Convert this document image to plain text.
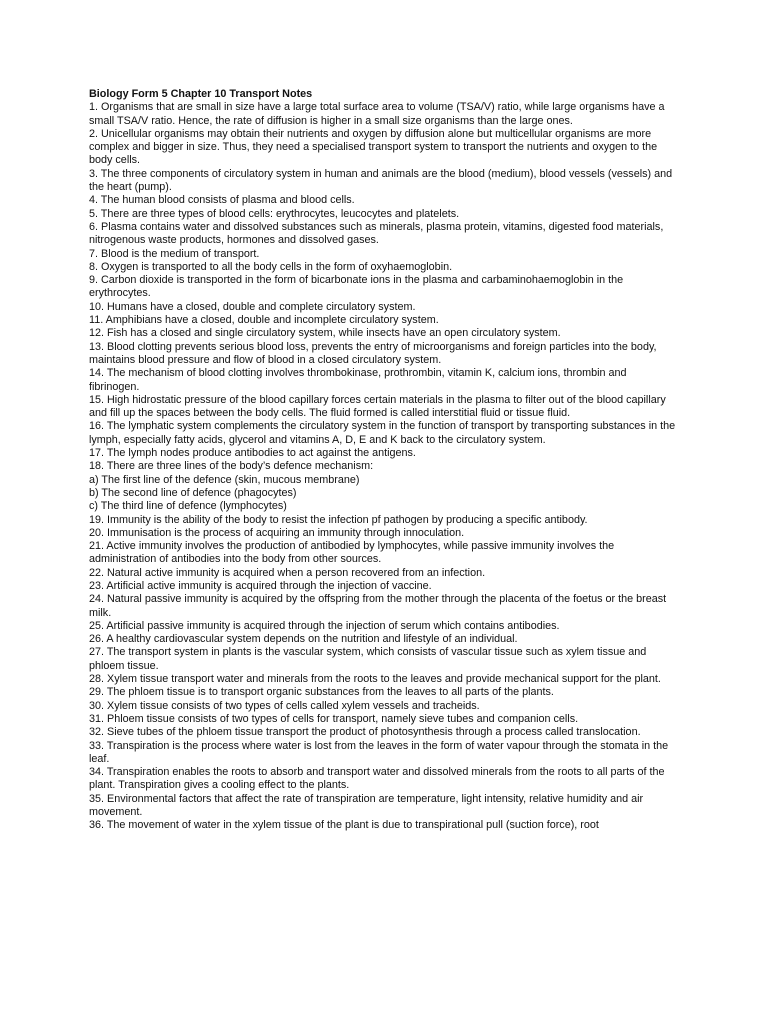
Biology Form 5 Chapter 10 Transport Notes

1. Organisms that are small in size have a large total surface area to volume (TSA/V) ratio, while large organisms have a small TSA/V ratio. Hence, the rate of diffusion is higher in a small size organisms than the large ones.

2. Unicellular organisms may obtain their nutrients and oxygen by diffusion alone but multicellular organisms are more complex and bigger in size. Thus, they need a specialised transport system to transport the nutrients and oxygen to the body cells.

3. The three components of circulatory system in human and animals are the blood (medium), blood vessels (vessels) and the heart (pump).

4. The human blood consists of plasma and blood cells.

5. There are three types of blood cells: erythrocytes, leucocytes and platelets.

6. Plasma contains water and dissolved substances such as minerals, plasma protein, vitamins, digested food materials, nitrogenous waste products, hormones and dissolved gases.

7. Blood is the medium of transport.

8. Oxygen is transported to all the body cells in the form of oxyhaemoglobin.

9. Carbon dioxide is transported in the form of bicarbonate ions in the plasma and carbaminohaemoglobin in the erythrocytes.

10. Humans have a closed, double and complete circulatory system.

11. Amphibians have a closed, double and incomplete circulatory system.

12. Fish has a closed and single circulatory system, while insects have an open circulatory system.

13. Blood clotting prevents serious blood loss, prevents the entry of microorganisms and foreign particles into the body, maintains blood pressure and flow of blood in a closed circulatory system.

14. The mechanism of blood clotting involves thrombokinase, prothrombin, vitamin K, calcium ions, thrombin and fibrinogen.

15. High hidrostatic pressure of the blood capillary forces certain materials in the plasma to filter out of the blood capillary and fill up the spaces between the body cells. The fluid formed is called interstitial fluid or tissue fluid.

16. The lymphatic system complements the circulatory system in the function of transport by transporting substances in the lymph, especially fatty acids, glycerol and vitamins A, D, E and K back to the circulatory system.

17. The lymph nodes produce antibodies to act against the antigens.

18. There are three lines of the body’s defence mechanism:

a) The first line of the defence (skin, mucous membrane)

b) The second line of defence (phagocytes)

c) The third line of defence (lymphocytes)

19. Immunity is the ability of the body to resist the infection pf pathogen by producing a specific antibody.

20. Immunisation is the process of acquiring an immunity through innoculation.

21. Active immunity involves the production of antibodied by lymphocytes, while passive immunity involves the administration of antibodies into the body from other sources.

22. Natural active immunity is acquired when a person recovered from an infection.

23. Artificial active immunity is acquired through the injection of vaccine.

24. Natural passive immunity is acquired by the offspring from the mother through the placenta of the foetus or the breast milk.

25. Artificial passive immunity is acquired through the injection of serum which contains antibodies.

26. A healthy cardiovascular system depends on the nutrition and lifestyle of an individual.

27. The transport system in plants is the vascular system, which consists of vascular tissue such as xylem tissue and phloem tissue.

28. Xylem tissue transport water and minerals from the roots to the leaves and provide mechanical support for the plant.

29. The phloem tissue is to transport organic substances from the leaves to all parts of the plants.

30. Xylem tissue consists of two types of cells called xylem vessels and tracheids.

31. Phloem tissue consists of two types of cells for transport, namely sieve tubes and companion cells.

32. Sieve tubes of the phloem tissue transport the product of photosynthesis through a process called translocation.

33. Transpiration is the process where water is lost from the leaves in the form of water vapour through the stomata in the leaf.

34. Transpiration enables the roots to absorb and transport water and dissolved minerals from the roots to all parts of the plant. Transpiration gives a cooling effect to the plants.

35. Environmental factors that affect the rate of transpiration are temperature, light intensity, relative humidity and air movement.

36. The movement of water in the xylem tissue of the plant is due to transpirational pull (suction force), root
